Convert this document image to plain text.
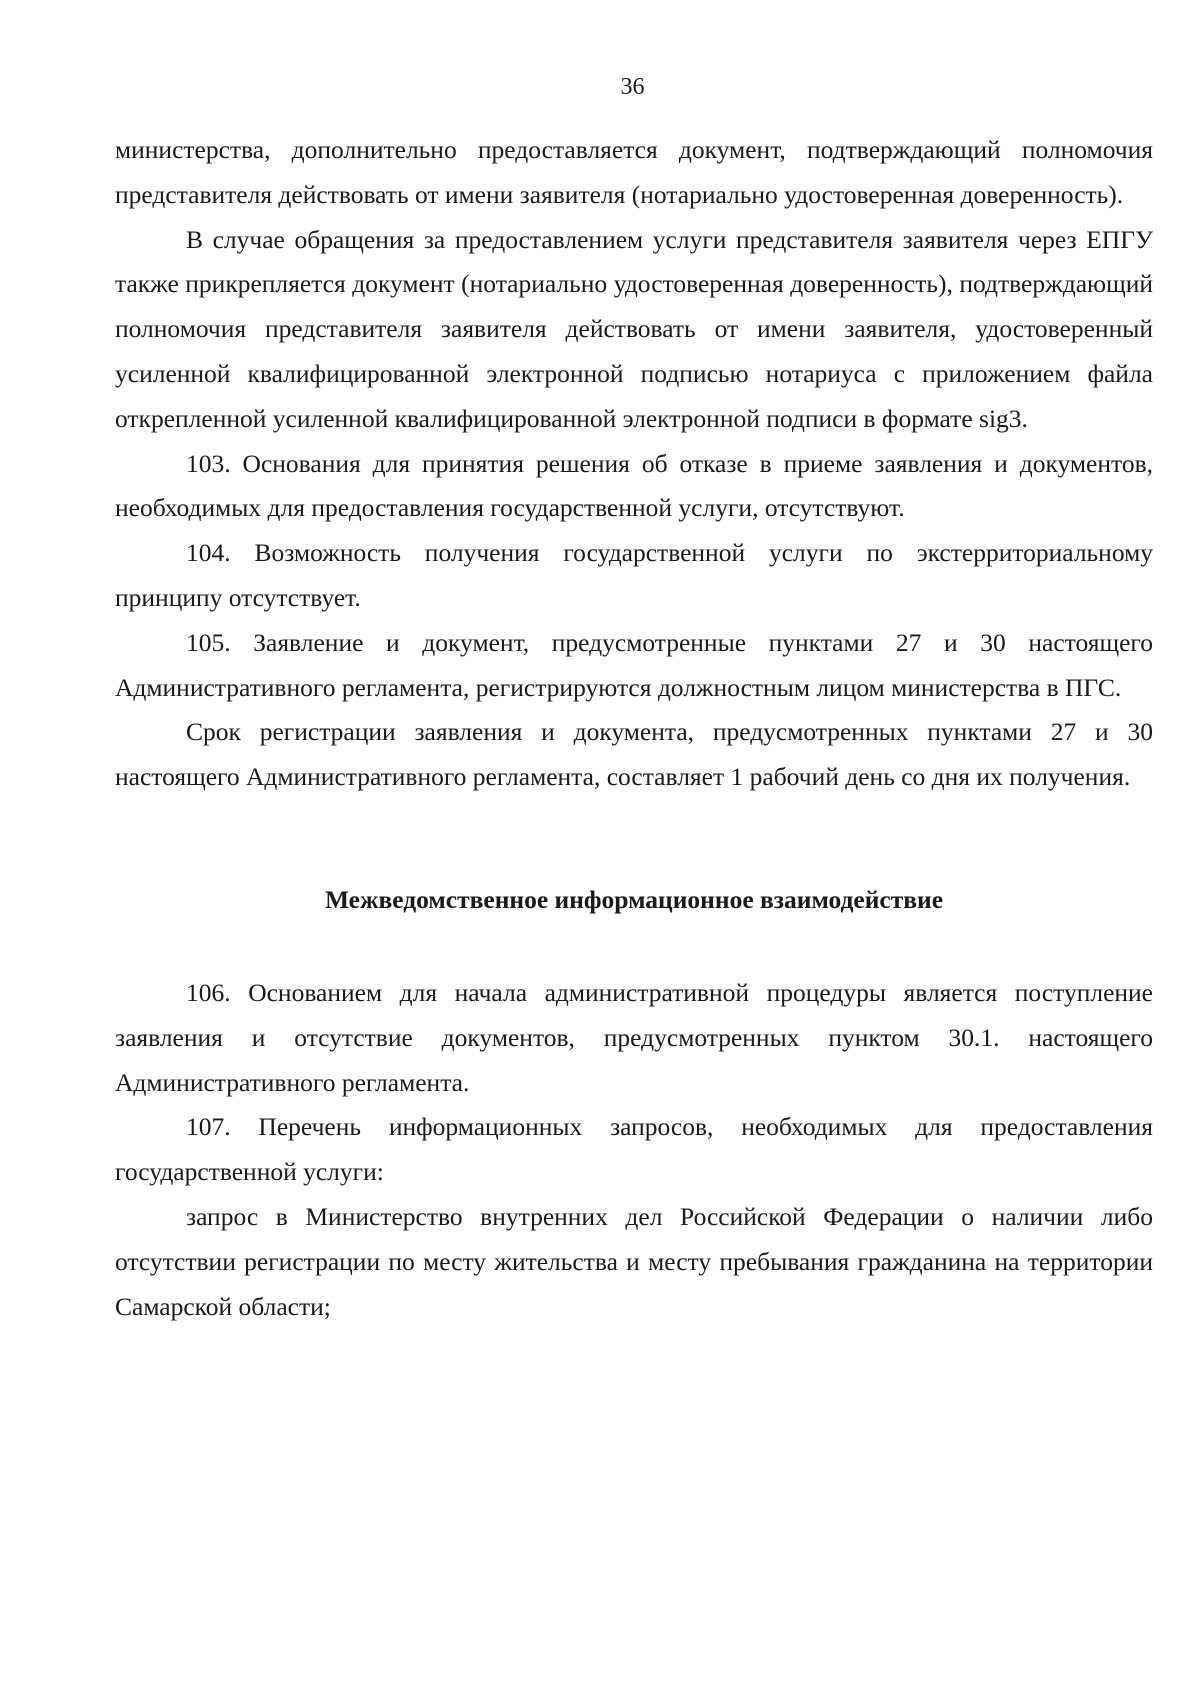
36

министерства, дополнительно предоставляется документ, подтверждающий полномочия представителя действовать от имени заявителя (нотариально удостоверенная доверенность).

В случае обращения за предоставлением услуги представителя заявителя через ЕПГУ также прикрепляется документ (нотариально удостоверенная доверенность), подтверждающий полномочия представителя заявителя действовать от имени заявителя, удостоверенный усиленной квалифицированной электронной подписью нотариуса с приложением файла открепленной усиленной квалифицированной электронной подписи в формате sig3.

103. Основания для принятия решения об отказе в приеме заявления и документов, необходимых для предоставления государственной услуги, отсутствуют.

104. Возможность получения государственной услуги по экстерриториальному принципу отсутствует.

105. Заявление и документ, предусмотренные пунктами 27 и 30 настоящего Административного регламента, регистрируются должностным лицом министерства в ПГС.

Срок регистрации заявления и документа, предусмотренных пунктами 27 и 30 настоящего Административного регламента, составляет 1 рабочий день со дня их получения.

Межведомственное информационное взаимодействие

106. Основанием для начала административной процедуры является поступление заявления и отсутствие документов, предусмотренных пунктом 30.1. настоящего Административного регламента.

107. Перечень информационных запросов, необходимых для предоставления государственной услуги:

запрос в Министерство внутренних дел Российской Федерации о наличии либо отсутствии регистрации по месту жительства и месту пребывания гражданина на территории Самарской области;
